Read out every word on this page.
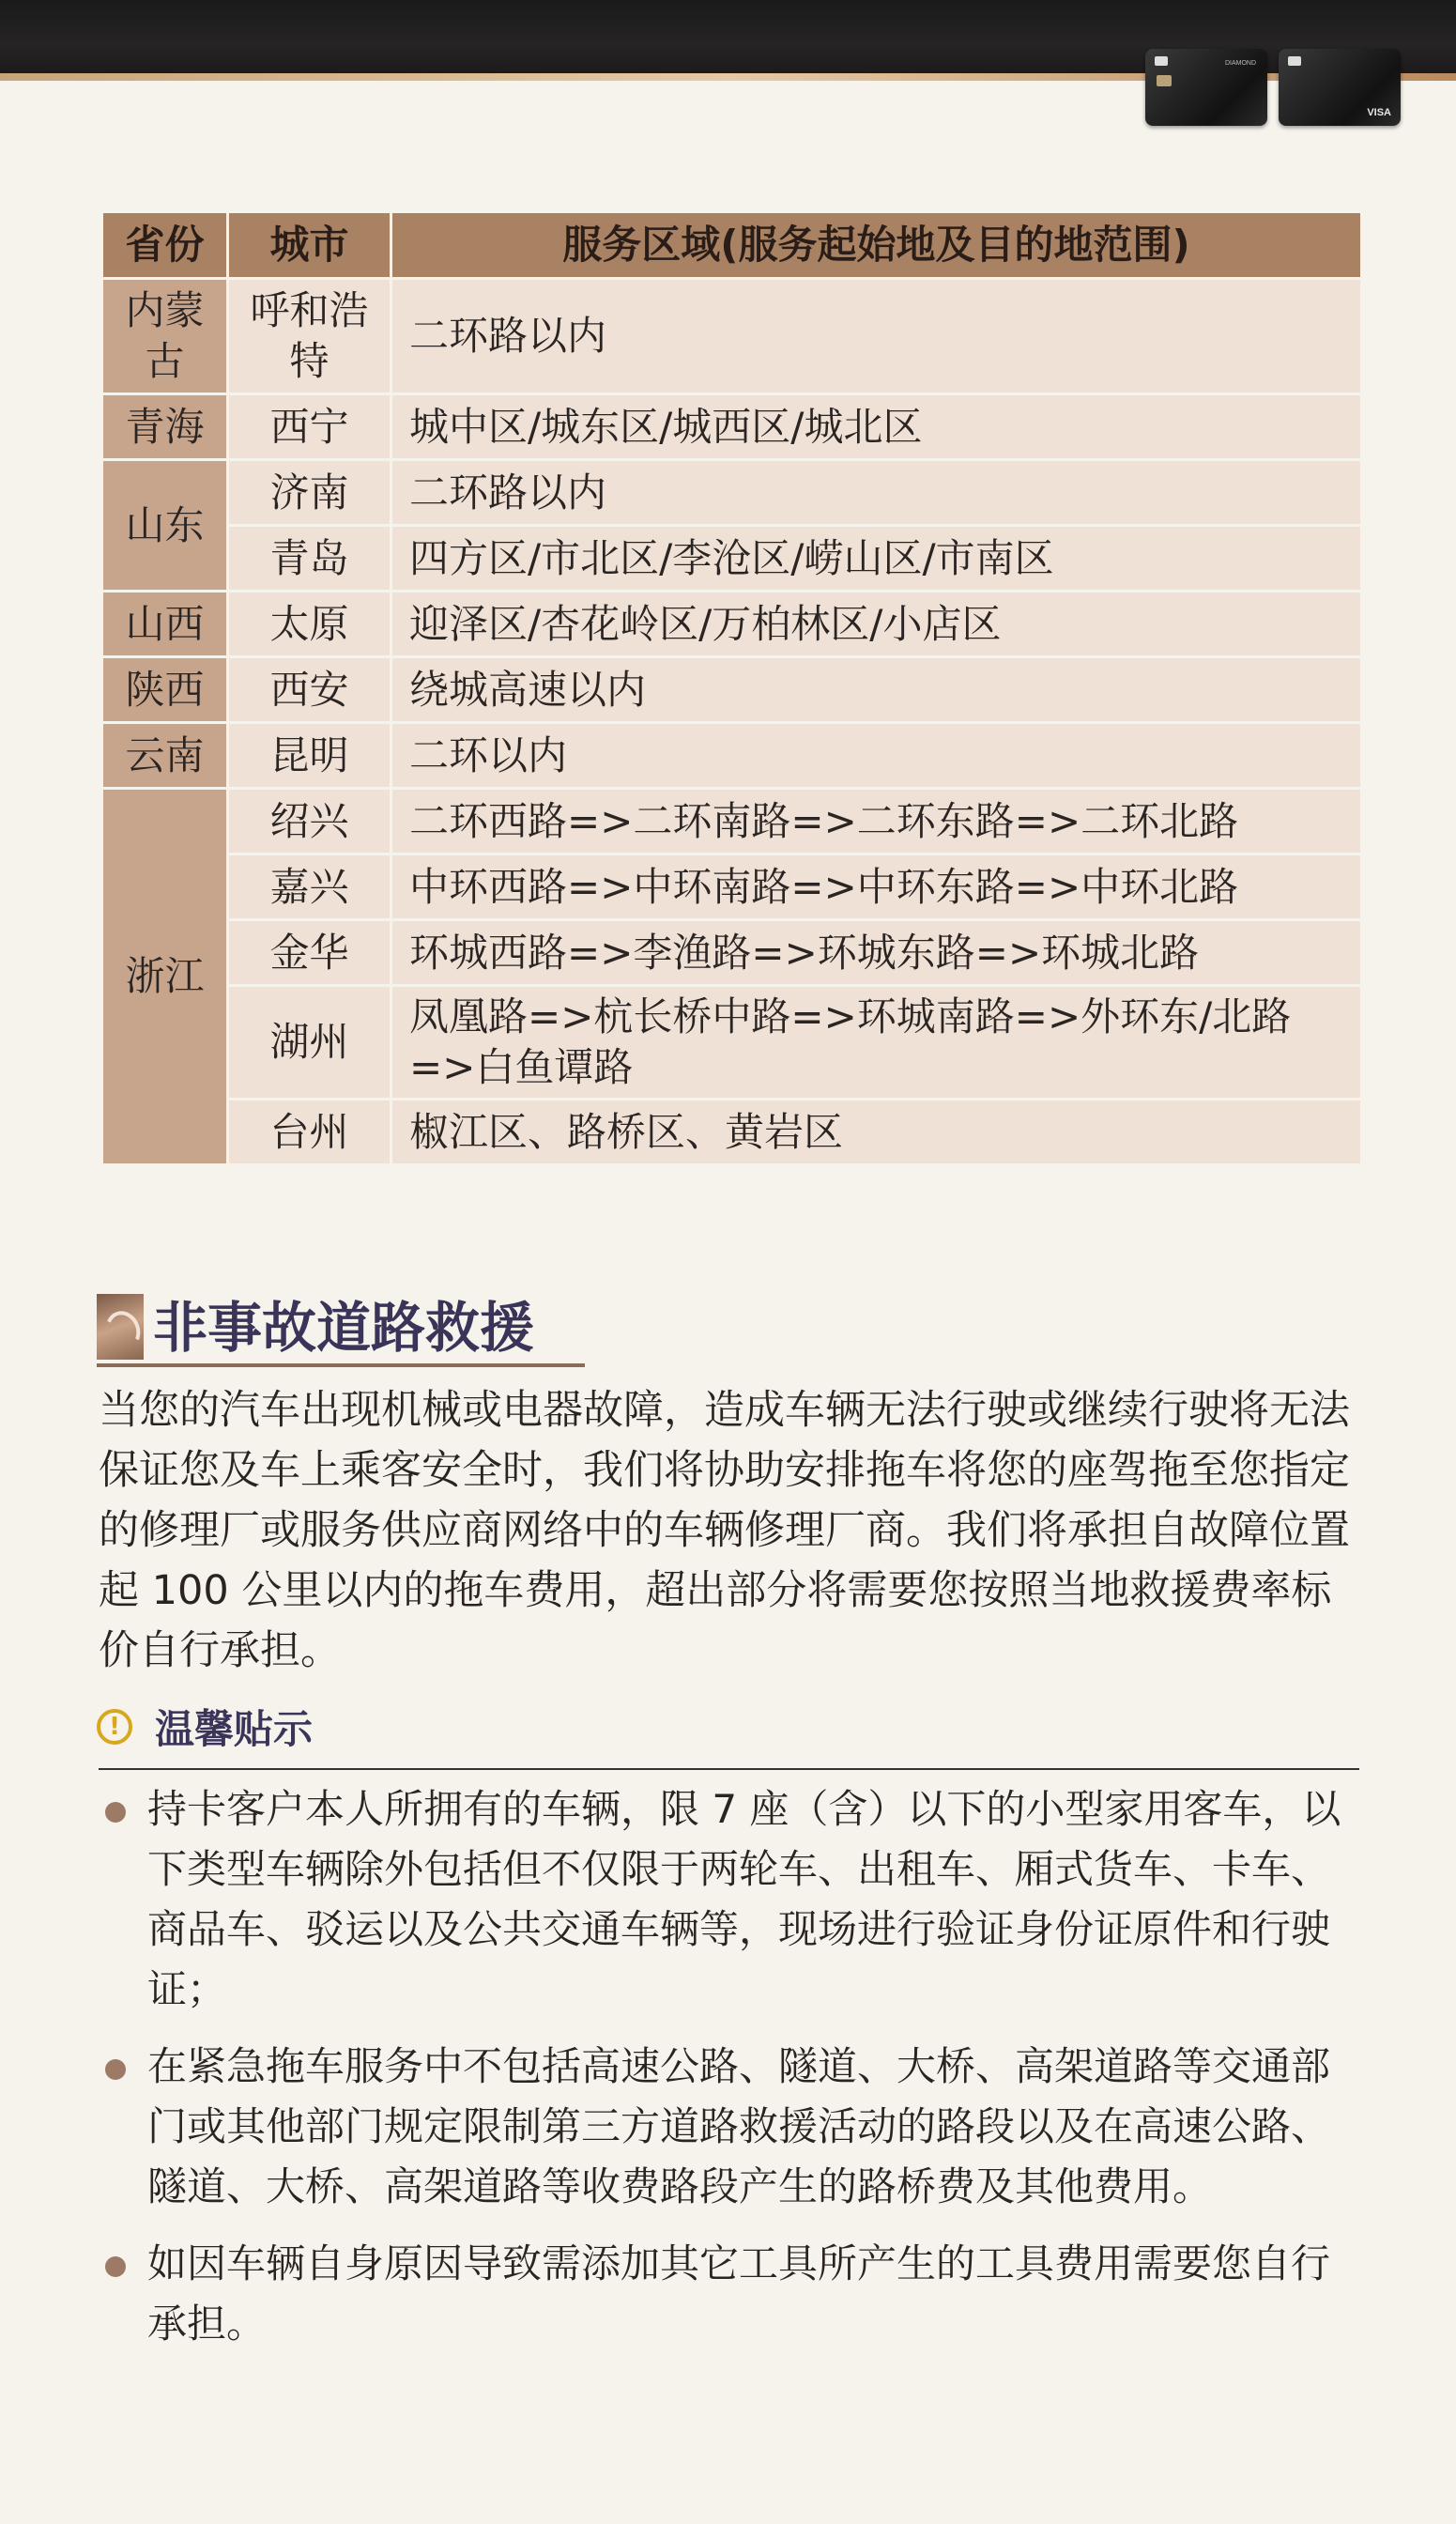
DIAMOND
VISA
省份	城市	服务区域(服务起始地及目的地范围)
内蒙古	呼和浩特	二环路以内
青海	西宁	城中区/城东区/城西区/城北区
山东	济南	二环路以内
	青岛	四方区/市北区/李沧区/崂山区/市南区
山西	太原	迎泽区/杏花岭区/万柏林区/小店区
陕西	西安	绕城高速以内
云南	昆明	二环以内
浙江	绍兴	二环西路=>二环南路=>二环东路=>二环北路
	嘉兴	中环西路=>中环南路=>中环东路=>中环北路
	金华	环城西路=>李渔路=>环城东路=>环城北路
	湖州	凤凰路=>杭长桥中路=>环城南路=>外环东/北路=>白鱼谭路
	台州	椒江区、路桥区、黄岩区
非事故道路救援
当您的汽车出现机械或电器故障，造成车辆无法行驶或继续行驶将无法保证您及车上乘客安全时，我们将协助安排拖车将您的座驾拖至您指定的修理厂或服务供应商网络中的车辆修理厂商。我们将承担自故障位置起 100 公里以内的拖车费用，超出部分将需要您按照当地救援费率标价自行承担。
! 温馨贴示
持卡客户本人所拥有的车辆，限 7 座（含）以下的小型家用客车，以下类型车辆除外包括但不仅限于两轮车、出租车、厢式货车、卡车、商品车、驳运以及公共交通车辆等，现场进行验证身份证原件和行驶证；
在紧急拖车服务中不包括高速公路、隧道、大桥、高架道路等交通部门或其他部门规定限制第三方道路救援活动的路段以及在高速公路、隧道、大桥、高架道路等收费路段产生的路桥费及其他费用。
如因车辆自身原因导致需添加其它工具所产生的工具费用需要您自行承担。
